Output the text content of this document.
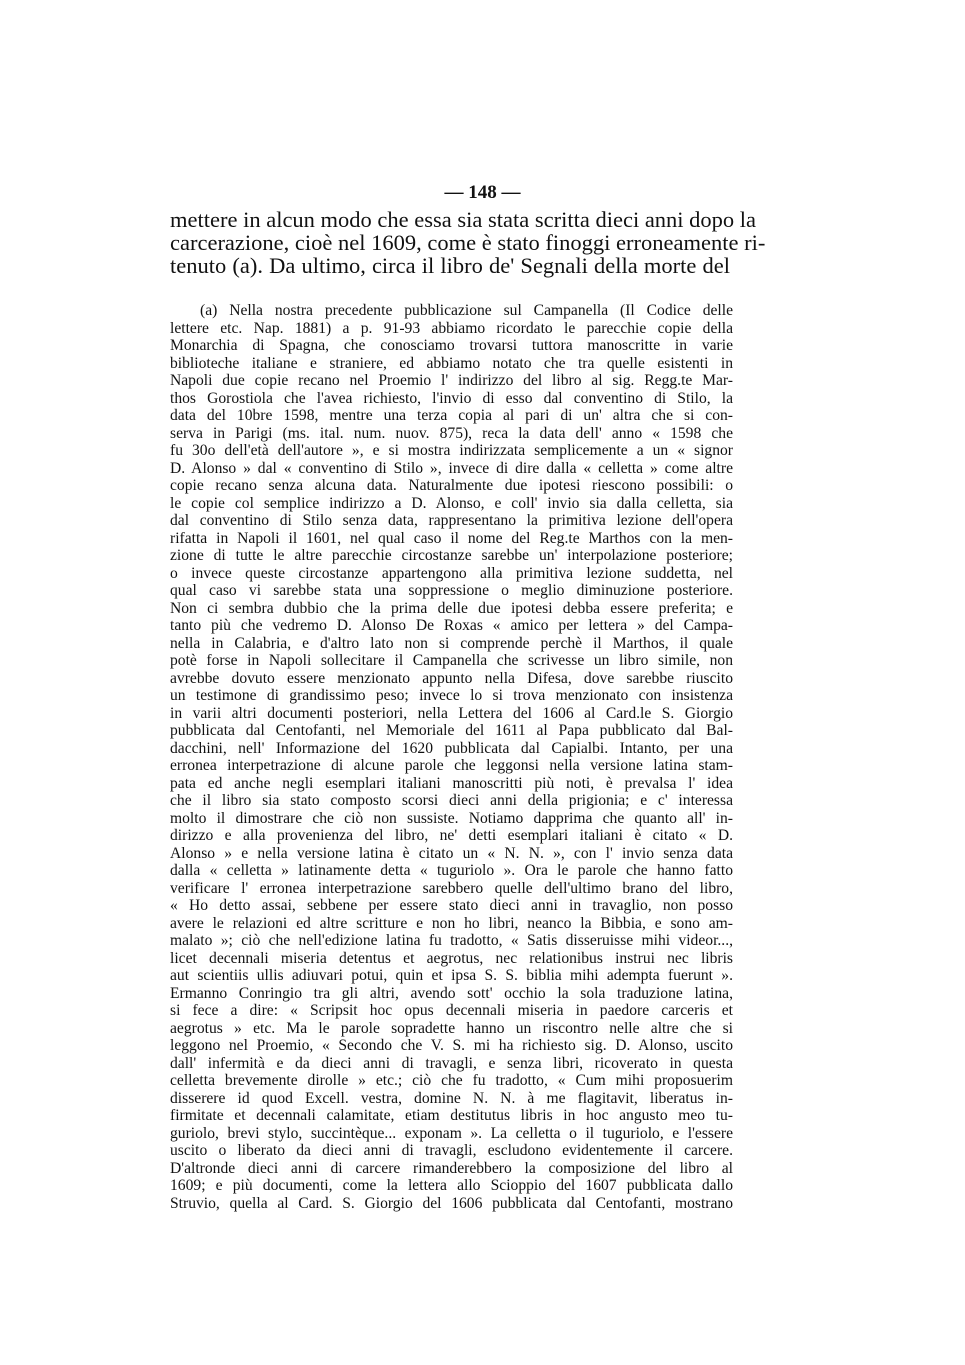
— 148 —
mettere in alcun modo che essa sia stata scritta dieci anni dopo la
carcerazione, cioè nel 1609, come è stato finoggi erroneamente ri-
tenuto (a). Da ultimo, circa il libro de' Segnali della morte del
(a) Nella nostra precedente pubblicazione sul Campanella (Il Codice delle
lettere etc. Nap. 1881) a p. 91-93 abbiamo ricordato le parecchie copie della
Monarchia di Spagna, che conosciamo trovarsi tuttora manoscritte in varie
biblioteche italiane e straniere, ed abbiamo notato che tra quelle esistenti in
Napoli due copie recano nel Proemio l' indirizzo del libro al sig. Regg.te Mar-
thos Gorostiola che l'avea richiesto, l'invio di esso dal conventino di Stilo, la
data del 10bre 1598, mentre una terza copia al pari di un' altra che si con-
serva in Parigi (ms. ital. num. nuov. 875), reca la data dell' anno « 1598 che
fu 30o dell'età dell'autore », e si mostra indirizzata semplicemente a un « signor
D. Alonso » dal « conventino di Stilo », invece di dire dalla « celletta » come altre
copie recano senza alcuna data. Naturalmente due ipotesi riescono possibili: o
le copie col semplice indirizzo a D. Alonso, e coll' invio sia dalla celletta, sia
dal conventino di Stilo senza data, rappresentano la primitiva lezione dell'opera
rifatta in Napoli il 1601, nel qual caso il nome del Reg.te Marthos con la men-
zione di tutte le altre parecchie circostanze sarebbe un' interpolazione posteriore;
o invece queste circostanze appartengono alla primitiva lezione suddetta, nel
qual caso vi sarebbe stata una soppressione o meglio diminuzione posteriore.
Non ci sembra dubbio che la prima delle due ipotesi debba essere preferita; e
tanto più che vedremo D. Alonso De Roxas « amico per lettera » del Campa-
nella in Calabria, e d'altro lato non si comprende perchè il Marthos, il quale
potè forse in Napoli sollecitare il Campanella che scrivesse un libro simile, non
avrebbe dovuto essere menzionato appunto nella Difesa, dove sarebbe riuscito
un testimone di grandissimo peso; invece lo si trova menzionato con insistenza
in varii altri documenti posteriori, nella Lettera del 1606 al Card.le S. Giorgio
pubblicata dal Centofanti, nel Memoriale del 1611 al Papa pubblicato dal Bal-
dacchini, nell' Informazione del 1620 pubblicata dal Capialbi. Intanto, per una
erronea interpetrazione di alcune parole che leggonsi nella versione latina stam-
pata ed anche negli esemplari italiani manoscritti più noti, è prevalsa l' idea
che il libro sia stato composto scorsi dieci anni della prigionia; e c' interessa
molto il dimostrare che ciò non sussiste. Notiamo dapprima che quanto all' in-
dirizzo e alla provenienza del libro, ne' detti esemplari italiani è citato « D.
Alonso » e nella versione latina è citato un « N. N. », con l' invio senza data
dalla « celletta » latinamente detta « tuguriolo ». Ora le parole che hanno fatto
verificare l' erronea interpetrazione sarebbero quelle dell'ultimo brano del libro,
« Ho detto assai, sebbene per essere stato dieci anni in travaglio, non posso
avere le relazioni ed altre scritture e non ho libri, neanco la Bibbia, e sono am-
malato »; ciò che nell'edizione latina fu tradotto, « Satis disseruisse mihi videor...,
licet decennali miseria detentus et aegrotus, nec relationibus instrui nec libris
aut scientiis ullis adiuvari potui, quin et ipsa S. S. biblia mihi adempta fuerunt ».
Ermanno Conringio tra gli altri, avendo sott' occhio la sola traduzione latina,
si fece a dire: « Scripsit hoc opus decennali miseria in paedore carceris et
aegrotus » etc. Ma le parole sopradette hanno un riscontro nelle altre che si
leggono nel Proemio, « Secondo che V. S. mi ha richiesto sig. D. Alonso, uscito
dall' infermità e da dieci anni di travagli, e senza libri, ricoverato in questa
celletta brevemente dirolle » etc.; ciò che fu tradotto, « Cum mihi proposuerim
disserere id quod Excell. vestra, domine N. N. à me flagitavit, liberatus in-
firmitate et decennali calamitate, etiam destitutus libris in hoc angusto meo tu-
guriolo, brevi stylo, succintèque... exponam ». La celletta o il tuguriolo, e l'essere
uscito o liberato da dieci anni di travagli, escludono evidentemente il carcere.
D'altronde dieci anni di carcere rimanderebbero la composizione del libro al
1609; e più documenti, come la lettera allo Scioppio del 1607 pubblicata dallo
Struvio, quella al Card. S. Giorgio del 1606 pubblicata dal Centofanti, mostrano
